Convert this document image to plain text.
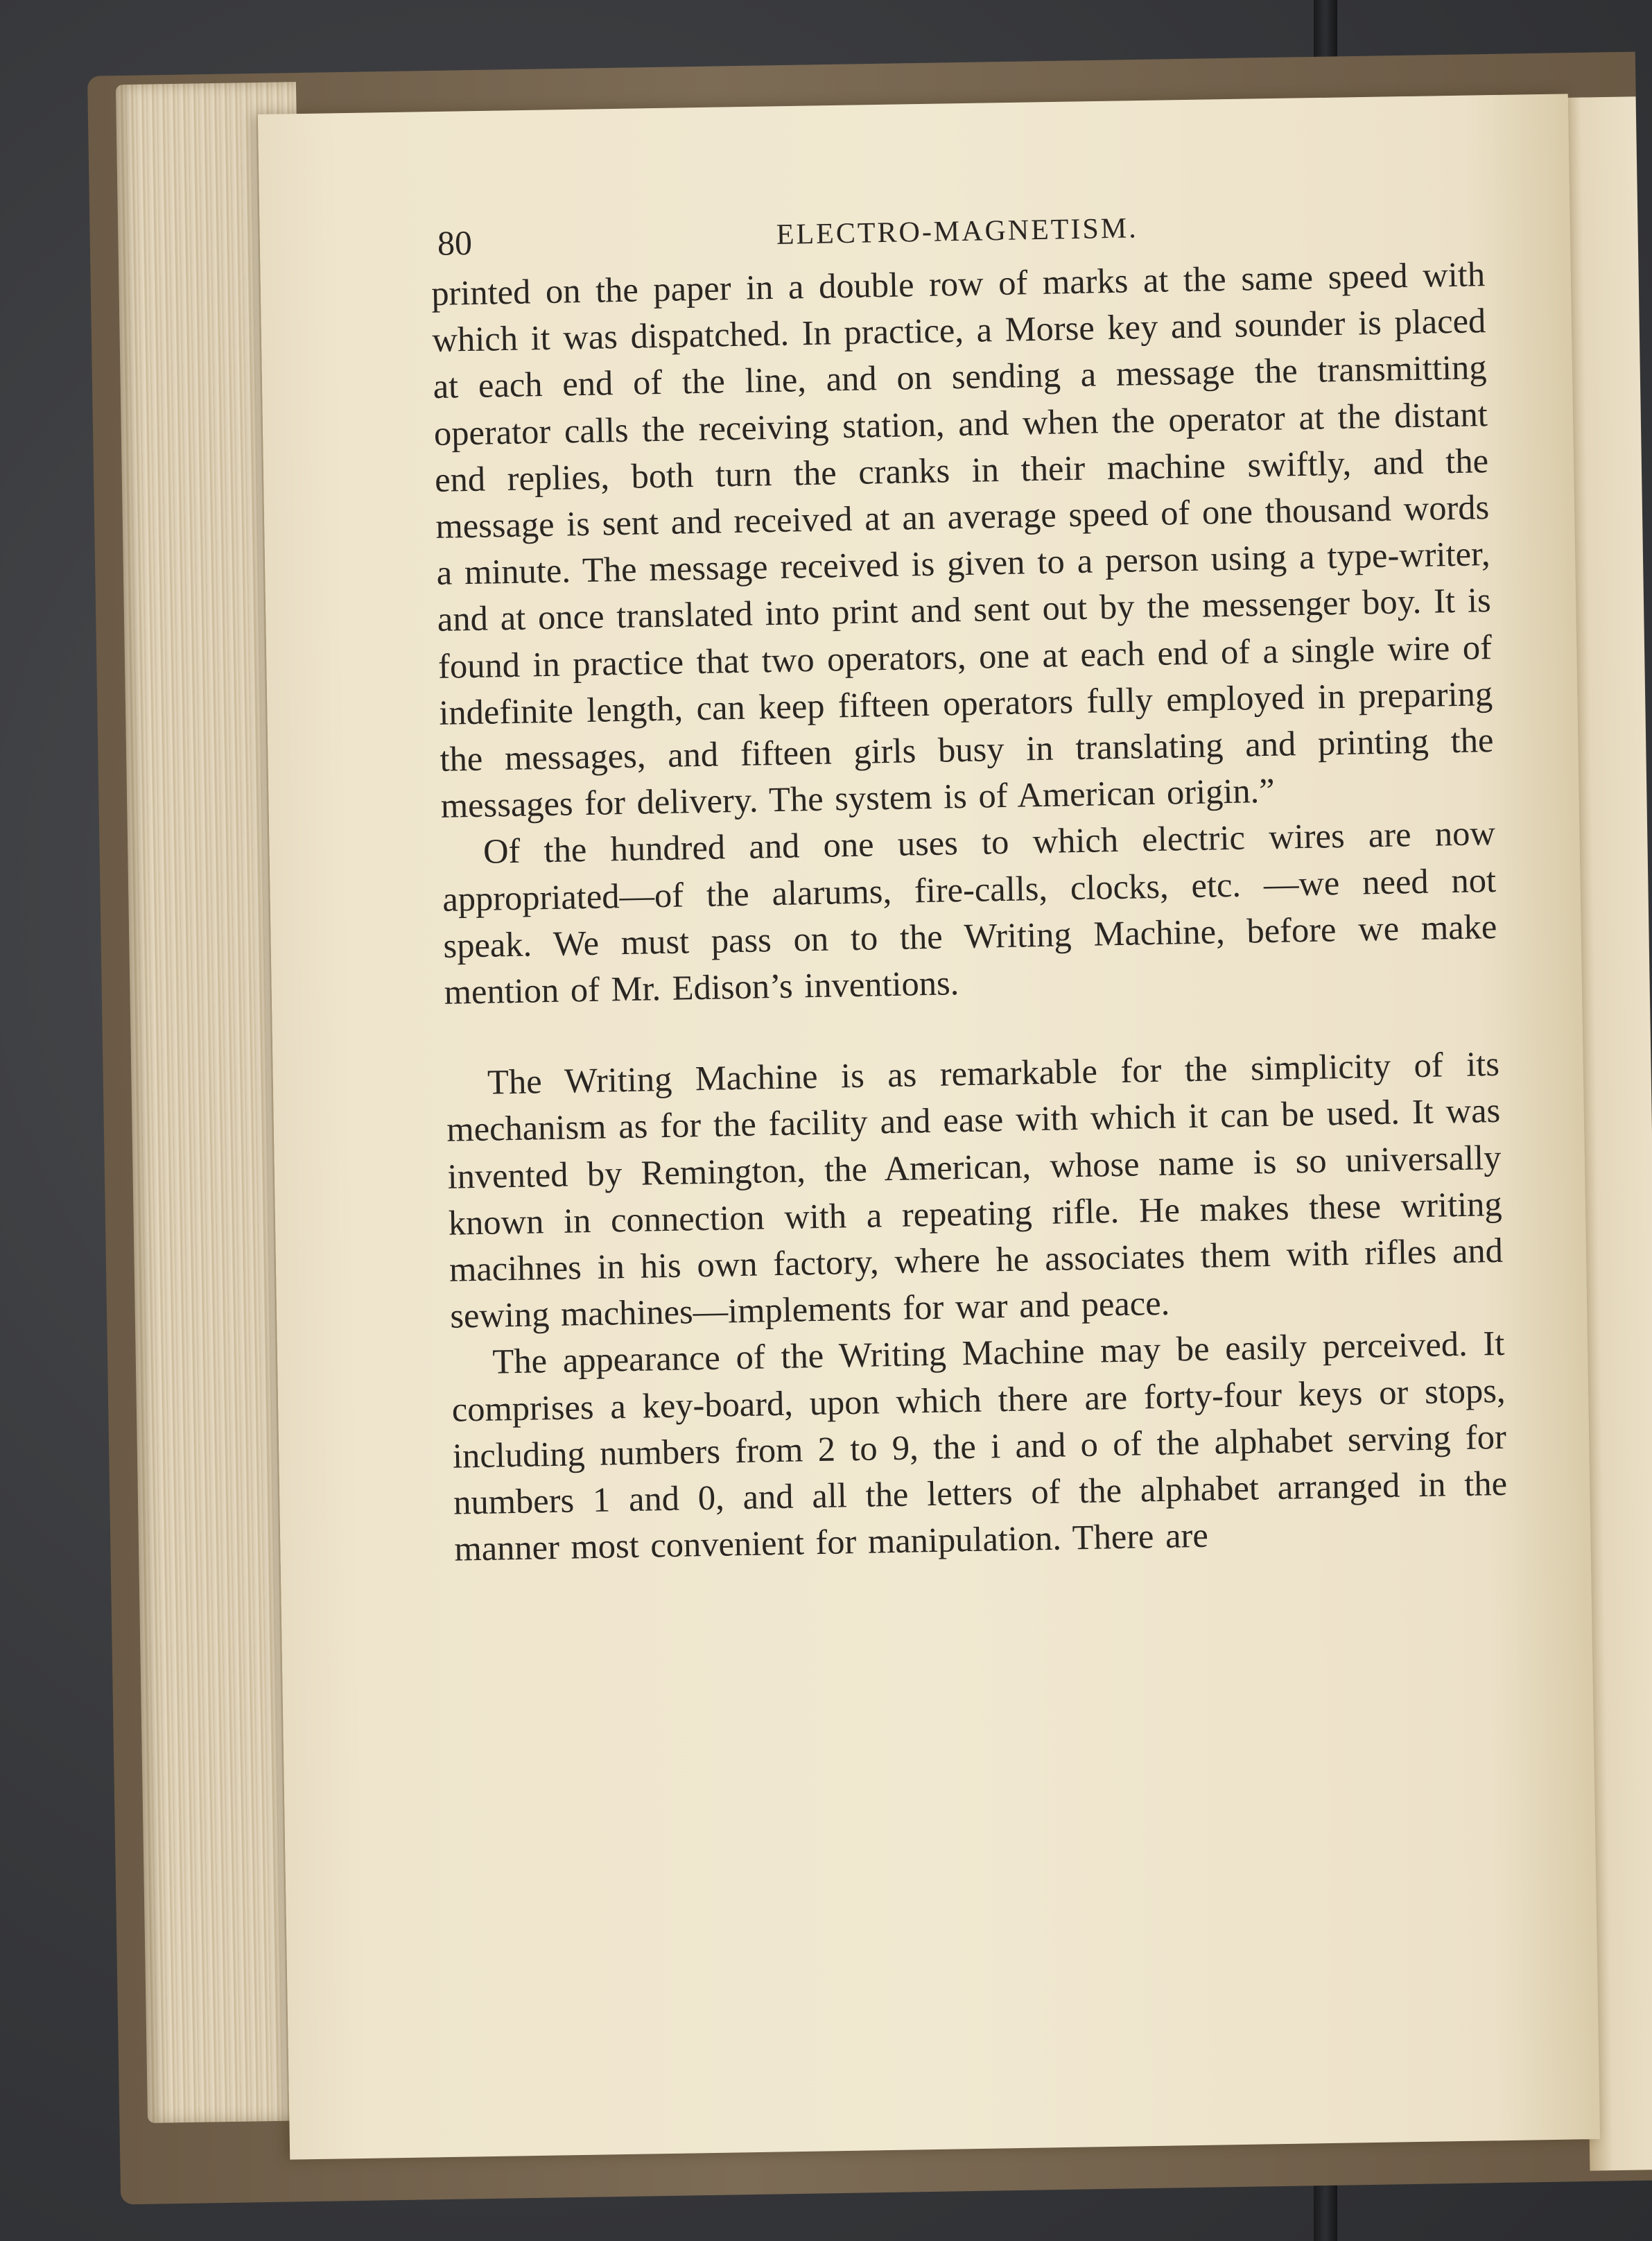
80	ELECTRO-MAGNETISM.

printed on the paper in a double row of marks at the same speed with which it was dispatched. In practice, a Morse key and sounder is placed at each end of the line, and on sending a message the transmitting operator calls the receiving station, and when the operator at the distant end replies, both turn the cranks in their machine swiftly, and the message is sent and received at an average speed of one thousand words a minute. The message received is given to a person using a type-writer, and at once translated into print and sent out by the messenger boy. It is found in practice that two operators, one at each end of a single wire of indefinite length, can keep fifteen operators fully employed in preparing the messages, and fifteen girls busy in translating and printing the messages for delivery. The system is of American origin.”

Of the hundred and one uses to which electric wires are now appropriated—of the alarums, fire-calls, clocks, etc. —we need not speak. We must pass on to the Writing Machine, before we make mention of Mr. Edison’s inventions.

The Writing Machine is as remarkable for the simplicity of its mechanism as for the facility and ease with which it can be used. It was invented by Remington, the American, whose name is so universally known in connection with a repeating rifle. He makes these writing macihnes in his own factory, where he associates them with rifles and sewing machines—implements for war and peace.

The appearance of the Writing Machine may be easily perceived. It comprises a key-board, upon which there are forty-four keys or stops, including numbers from 2 to 9, the i and o of the alphabet serving for numbers 1 and 0, and all the letters of the alphabet arranged in the manner most convenient for manipulation. There are
